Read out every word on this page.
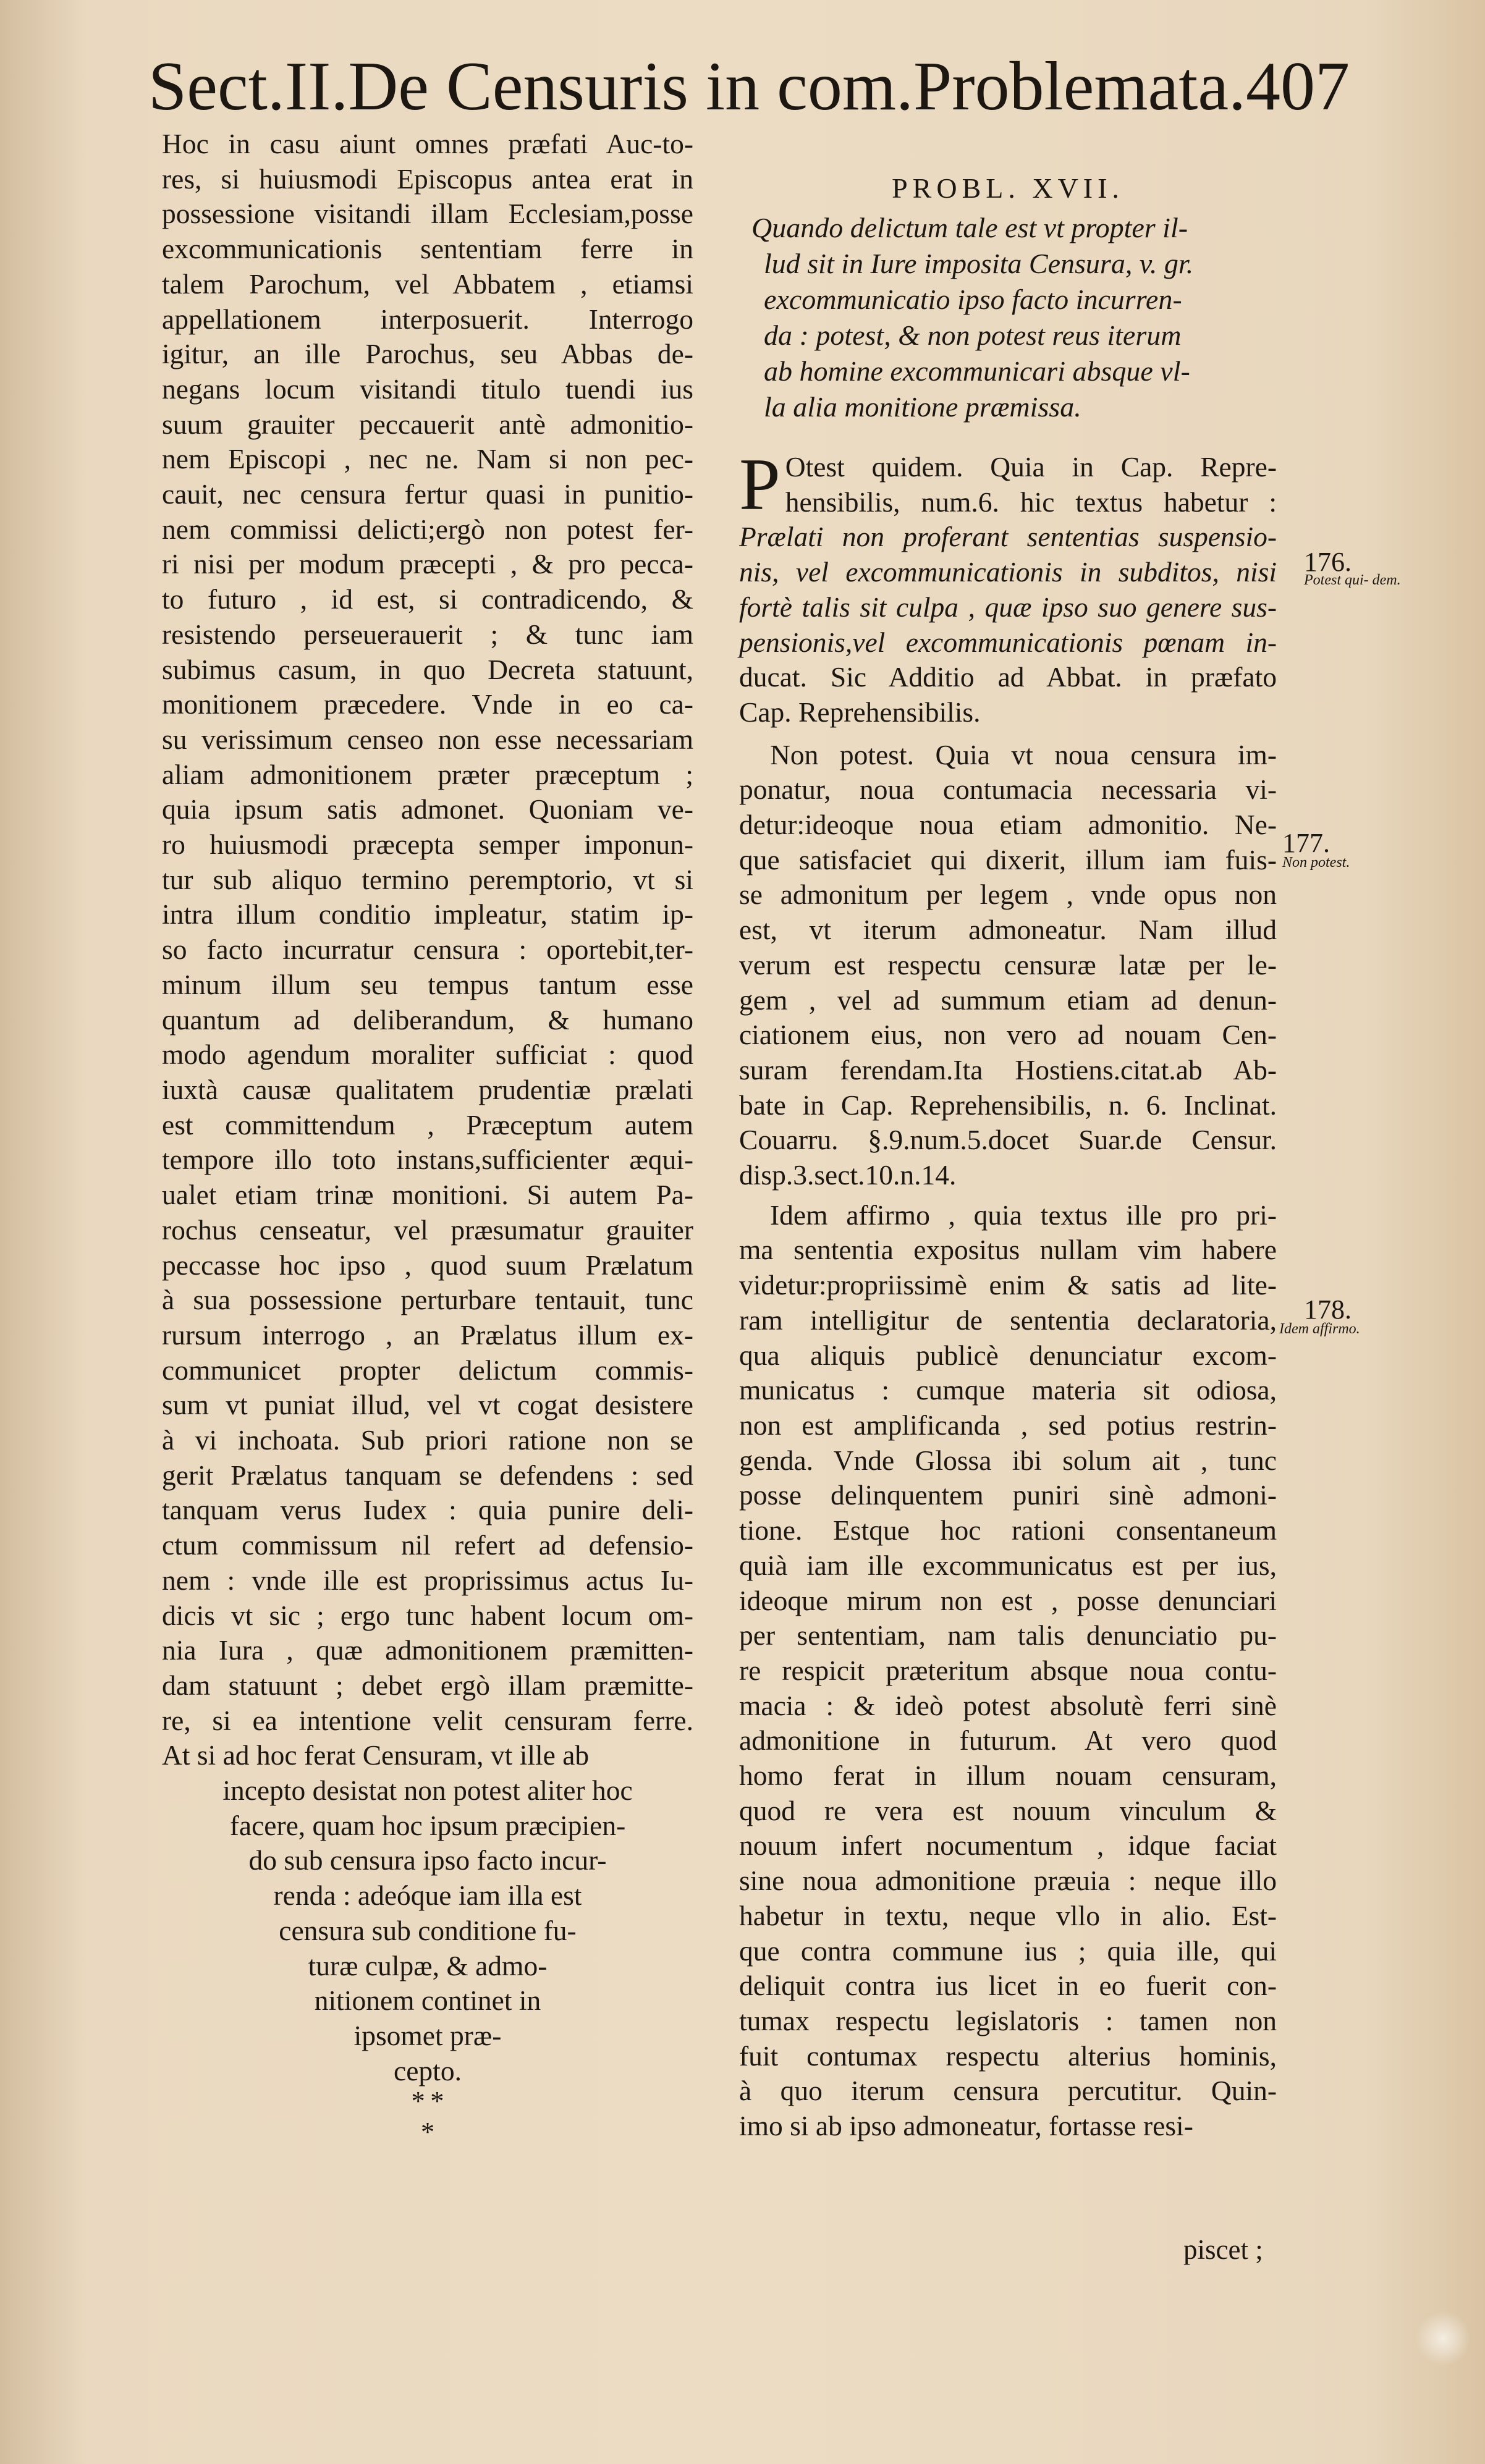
Sect.II.De Censuris in com.Problemata.407

Hoc in casu aiunt omnes præfati Auc-to-
res, si huiusmodi Episcopus antea erat in
possessione visitandi illam Ecclesiam,posse
excommunicationis sententiam ferre in
talem Parochum, vel Abbatem , etiamsi
appellationem interposuerit. Interrogo
igitur, an ille Parochus, seu Abbas de-
negans locum visitandi titulo tuendi ius
suum grauiter peccauerit antè admonitio-
nem Episcopi , nec ne. Nam si non pec-
cauit, nec censura fertur quasi in punitio-
nem commissi delicti;ergò non potest fer-
ri nisi per modum præcepti , & pro pecca-
to futuro , id est, si contradicendo, &
resistendo perseuerauerit ; & tunc iam
subimus casum, in quo Decreta statuunt,
monitionem præcedere. Vnde in eo ca-
su verissimum censeo non esse necessariam
aliam admonitionem præter præceptum ;
quia ipsum satis admonet. Quoniam ve-
ro huiusmodi præcepta semper imponun-
tur sub aliquo termino peremptorio, vt si
intra illum conditio impleatur, statim ip-
so facto incurratur censura : oportebit,ter-
minum illum seu tempus tantum esse
quantum ad deliberandum, & humano
modo agendum moraliter sufficiat : quod
iuxtà causæ qualitatem prudentiæ prælati
est committendum , Præceptum autem
tempore illo toto instans,sufficienter æqui-
ualet etiam trinæ monitioni. Si autem Pa-
rochus censeatur, vel præsumatur grauiter
peccasse hoc ipso , quod suum Prælatum
à sua possessione perturbare tentauit, tunc
rursum interrogo , an Prælatus illum ex-
communicet propter delictum commis-
sum vt puniat illud, vel vt cogat desistere
à vi inchoata. Sub priori ratione non se
gerit Prælatus tanquam se defendens : sed
tanquam verus Iudex : quia punire deli-
ctum commissum nil refert ad defensio-
nem : vnde ille est proprissimus actus Iu-
dicis vt sic ; ergo tunc habent locum om-
nia Iura , quæ admonitionem præmitten-
dam statuunt ; debet ergò illam præmitte-
re, si ea intentione velit censuram ferre.
At si ad hoc ferat Censuram, vt ille ab

incepto desistat non potest aliter hoc
facere, quam hoc ipsum præcipien-
do sub censura ipso facto incur-
renda : adeóque iam illa est
censura sub conditione fu-
turæ culpæ, & admo-
nitionem continet in
ipsomet præ-
cepto.
* *
*
PROBL. XVII.
Quando delictum tale est vt propter il-
lud sit in Iure imposita Censura, v. gr.
excommunicatio ipso facto incurren-
da : potest, & non potest reus iterum
ab homine excommunicari absque vl-
la alia monitione præmissa.
P Otest quidem. Quia in Cap. Repre-
hensibilis, num.6. hic textus habetur :
Prælati non proferant sententias suspensio-
nis, vel excommunicationis in subditos, nisi
fortè talis sit culpa , quæ ipso suo genere sus-
pensionis,vel excommunicationis pœnam in-
ducat. Sic Additio ad Abbat. in præfato
Cap. Reprehensibilis.
Non potest. Quia vt noua censura im-
ponatur, noua contumacia necessaria vi-
detur:ideoque noua etiam admonitio. Ne-
que satisfaciet qui dixerit, illum iam fuis-
se admonitum per legem , vnde opus non
est, vt iterum admoneatur. Nam illud
verum est respectu censuræ latæ per le-
gem , vel ad summum etiam ad denun-
ciationem eius, non vero ad nouam Cen-
suram ferendam.Ita Hostiens.citat.ab Ab-
bate in Cap. Reprehensibilis, n. 6. Inclinat.
Couarru. §.9.num.5.docet Suar.de Censur.
disp.3.sect.10.n.14.
Idem affirmo , quia textus ille pro pri-
ma sententia expositus nullam vim habere
videtur:propriissimè enim & satis ad lite-
ram intelligitur de sententia declaratoria,
qua aliquis publicè denunciatur excom-
municatus : cumque materia sit odiosa,
non est amplificanda , sed potius restrin-
genda. Vnde Glossa ibi solum ait , tunc
posse delinquentem puniri sinè admoni-
tione. Estque hoc rationi consentaneum
quià iam ille excommunicatus est per ius,
ideoque mirum non est , posse denunciari
per sententiam, nam talis denunciatio pu-
re respicit præteritum absque noua contu-
macia : & ideò potest absolutè ferri sinè
admonitione in futurum. At vero quod
homo ferat in illum nouam censuram,
quod re vera est nouum vinculum &
nouum infert nocumentum , idque faciat
sine noua admonitione præuia : neque illo
habetur in textu, neque vllo in alio. Est-
que contra commune ius ; quia ille, qui
deliquit contra ius licet in eo fuerit con-
tumax respectu legislatoris : tamen non
fuit contumax respectu alterius hominis,
à quo iterum censura percutitur. Quin-
imo si ab ipso admoneatur, fortasse resi-
176.
Potest qui- dem.
177.
Non potest.
178.
Idem affirmo.
piscet ;
